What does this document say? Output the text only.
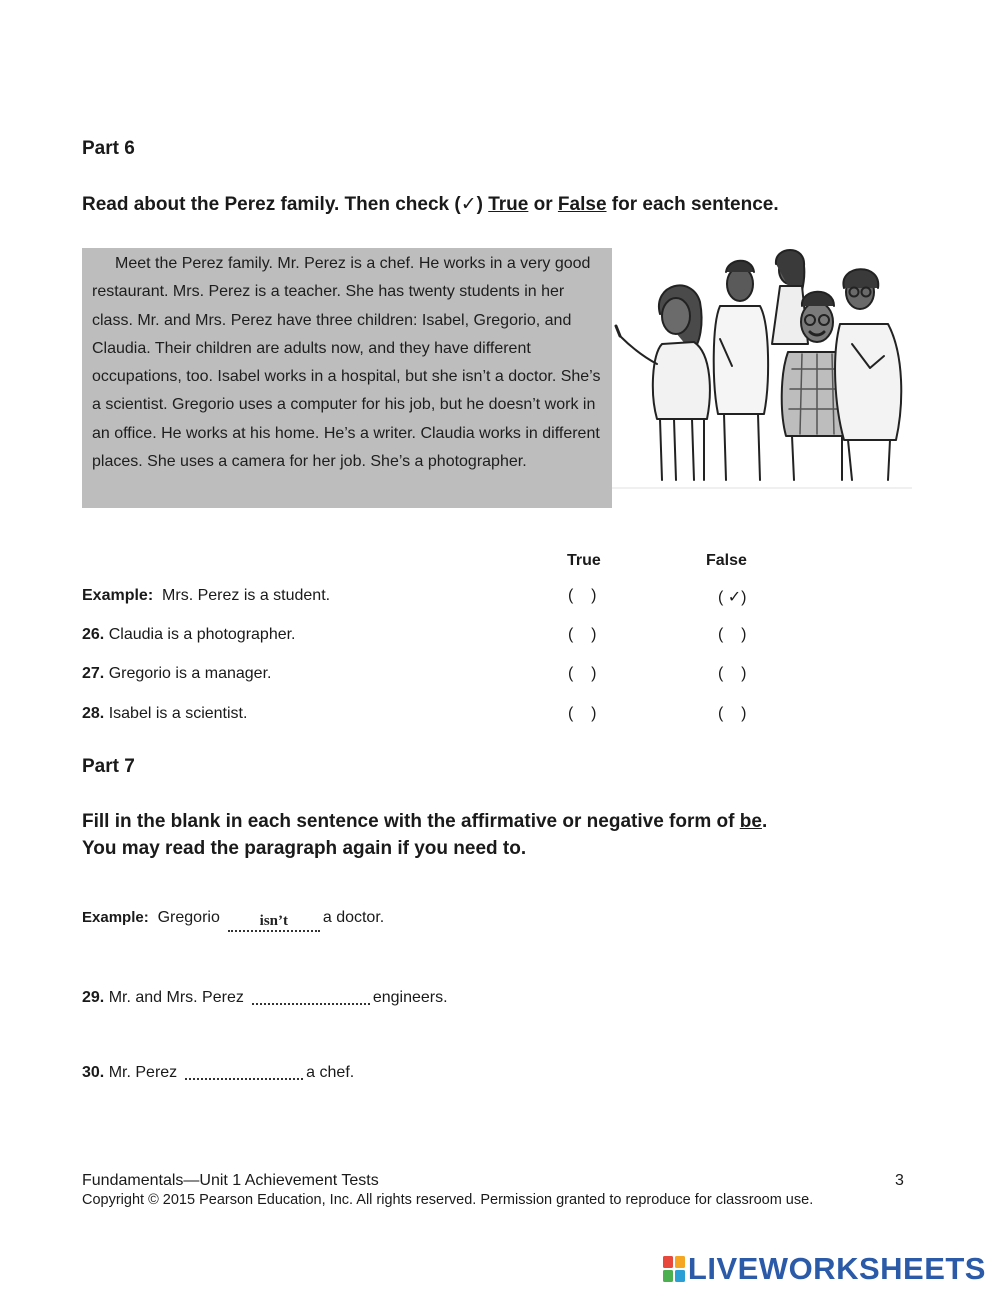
Part 6
Read about the Perez family. Then check (✓) True or False for each sentence.

Meet the Perez family. Mr. Perez is a chef. He works in a very good restaurant. Mrs. Perez is a teacher. She has twenty students in her class. Mr. and Mrs. Perez have three children: Isabel, Gregorio, and Claudia. Their children are adults now, and they have different occupations, too. Isabel works in a hospital, but she isn’t a doctor. She’s a scientist. Gregorio uses a computer for his job, but he doesn’t work in an office. He works at his home. He’s a writer. Claudia works in different places. She uses a camera for her job. She’s a photographer.

True	False
Example: Mrs. Perez is a student.	(    )	( ✓)
26. Claudia is a photographer.	(    )	(    )
27. Gregorio is a manager.	(    )	(    )
28. Isabel is a scientist.	(    )	(    )
Part 7
Fill in the blank in each sentence with the affirmative or negative form of be.
You may read the paragraph again if you need to.
Example: Gregorio	isn’t a doctor.
29. Mr. and Mrs. Perez	engineers.
30. Mr. Perez	a chef.
Fundamentals—Unit 1 Achievement Tests	3
Copyright © 2015 Pearson Education, Inc. All rights reserved. Permission granted to reproduce for classroom use.
LIVEWORKSHEETS
